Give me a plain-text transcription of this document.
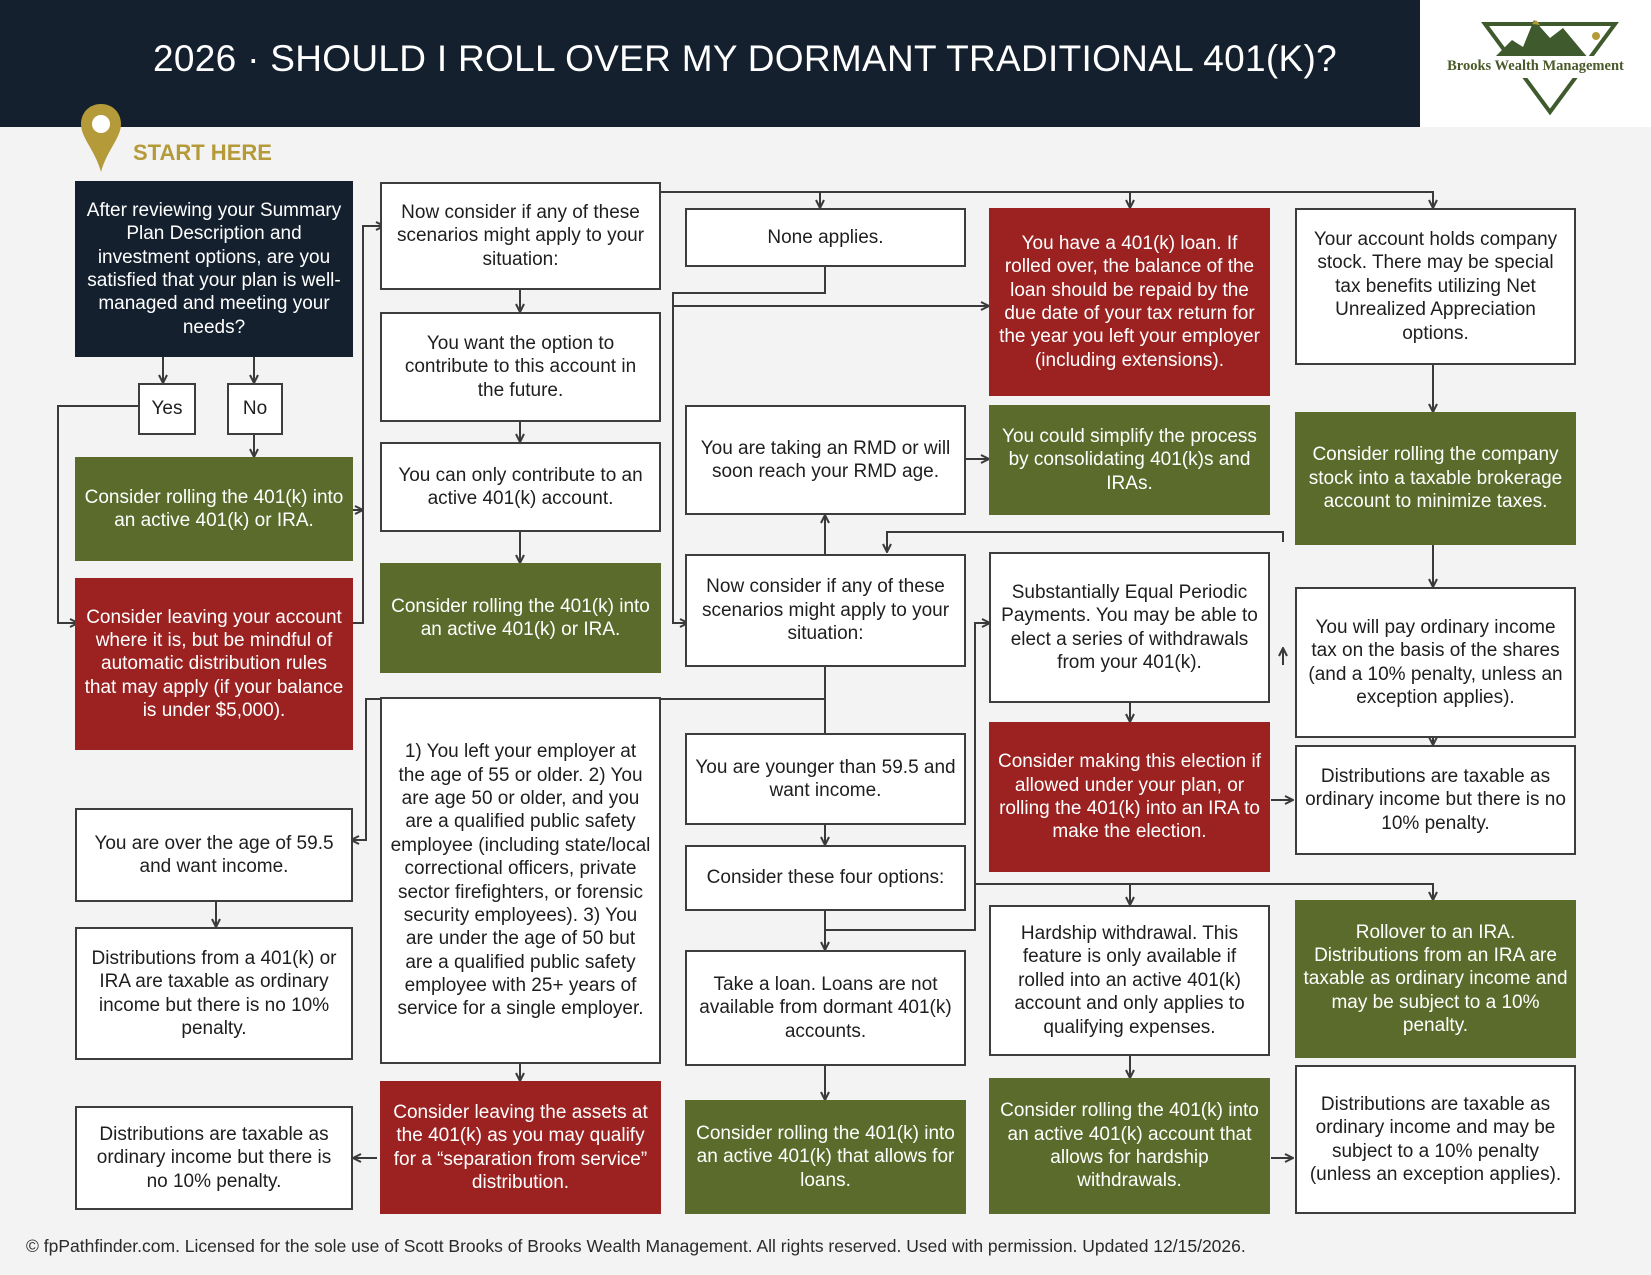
2026 · SHOULD I ROLL OVER MY DORMANT TRADITIONAL 401(K)?	Brooks Wealth Management
START HERE
After reviewing your Summary Plan Description and investment options, are you satisfied that your plan is well-managed and meeting your needs?
Yes	No
Consider rolling the 401(k) into an active 401(k) or IRA.
Consider leaving your account where it is, but be mindful of automatic distribution rules that may apply (if your balance is under $5,000).
You are over the age of 59.5 and want income.
Distributions from a 401(k) or IRA are taxable as ordinary income but there is no 10% penalty.
Distributions are taxable as ordinary income but there is no 10% penalty.
Now consider if any of these scenarios might apply to your situation:
You want the option to contribute to this account in the future.
You can only contribute to an active 401(k) account.
Consider rolling the 401(k) into an active 401(k) or IRA.
1) You left your employer at the age of 55 or older. 2) You are age 50 or older, and you are a qualified public safety employee (including state/local correctional officers, private sector firefighters, or forensic security employees). 3) You are under the age of 50 but are a qualified public safety employee with 25+ years of service for a single employer.
Consider leaving the assets at the 401(k) as you may qualify for a “separation from service” distribution.
None applies.
You are taking an RMD or will soon reach your RMD age.
Now consider if any of these scenarios might apply to your situation:
You are younger than 59.5 and want income.
Consider these four options:
Take a loan. Loans are not available from dormant 401(k) accounts.
Consider rolling the 401(k) into an active 401(k) that allows for loans.
You have a 401(k) loan. If rolled over, the balance of the loan should be repaid by the due date of your tax return for the year you left your employer (including extensions).
You could simplify the process by consolidating 401(k)s and IRAs.
Substantially Equal Periodic Payments. You may be able to elect a series of withdrawals from your 401(k).
Consider making this election if allowed under your plan, or rolling the 401(k) into an IRA to make the election.
Hardship withdrawal. This feature is only available if rolled into an active 401(k) account and only applies to qualifying expenses.
Consider rolling the 401(k) into an active 401(k) account that allows for hardship withdrawals.
Your account holds company stock. There may be special tax benefits utilizing Net Unrealized Appreciation options.
Consider rolling the company stock into a taxable brokerage account to minimize taxes.
You will pay ordinary income tax on the basis of the shares (and a 10% penalty, unless an exception applies).
Distributions are taxable as ordinary income but there is no 10% penalty.
Rollover to an IRA. Distributions from an IRA are taxable as ordinary income and may be subject to a 10% penalty.
Distributions are taxable as ordinary income and may be subject to a 10% penalty (unless an exception applies).
© fpPathfinder.com. Licensed for the sole use of Scott Brooks of Brooks Wealth Management. All rights reserved. Used with permission. Updated 12/15/2026.
